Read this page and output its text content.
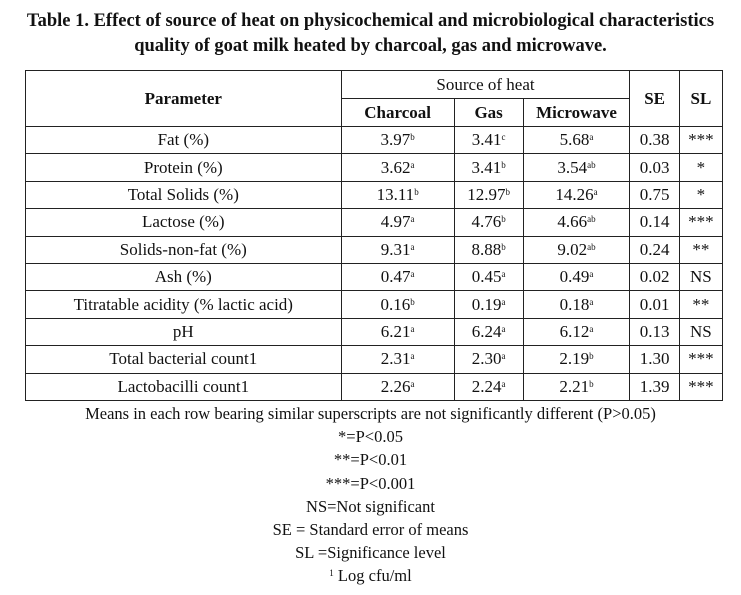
Table 1. Effect of source of heat on physicochemical and microbiological characteristics
quality of goat milk heated by charcoal, gas and microwave.
Parameter	Source of heat			SE	SL
	Charcoal	Gas	Microwave		
Fat (%)	3.97$^b$	3.41$^c$	5.68$^a$	0.38	***
Protein (%)	3.62$^a$	3.41$^b$	3.54$^{ab}$	0.03	*
Total Solids (%)	13.11$^b$	12.97$^b$	14.26$^a$	0.75	*
Lactose (%)	4.97$^a$	4.76$^b$	4.66$^{ab}$	0.14	***
Solids-non-fat (%)	9.31$^a$	8.88$^b$	9.02$^{ab}$	0.24	**
Ash (%)	0.47$^a$	0.45$^a$	0.49$^a$	0.02	NS
Titratable acidity (% lactic acid)	0.16$^b$	0.19$^a$	0.18$^a$	0.01	**
pH	6.21$^a$	6.24$^a$	6.12$^a$	0.13	NS
Total bacterial count1	2.31$^a$	2.30$^a$	2.19$^b$	1.30	***
Lactobacilli count1	2.26$^a$	2.24$^a$	2.21$^b$	1.39	***
Means in each row bearing similar superscripts are not significantly different (P>0.05)
*=P<0.05
**=P<0.01
***=P<0.001
NS=Not significant
SE = Standard error of means
SL =Significance level
$^1$ Log cfu/ml
